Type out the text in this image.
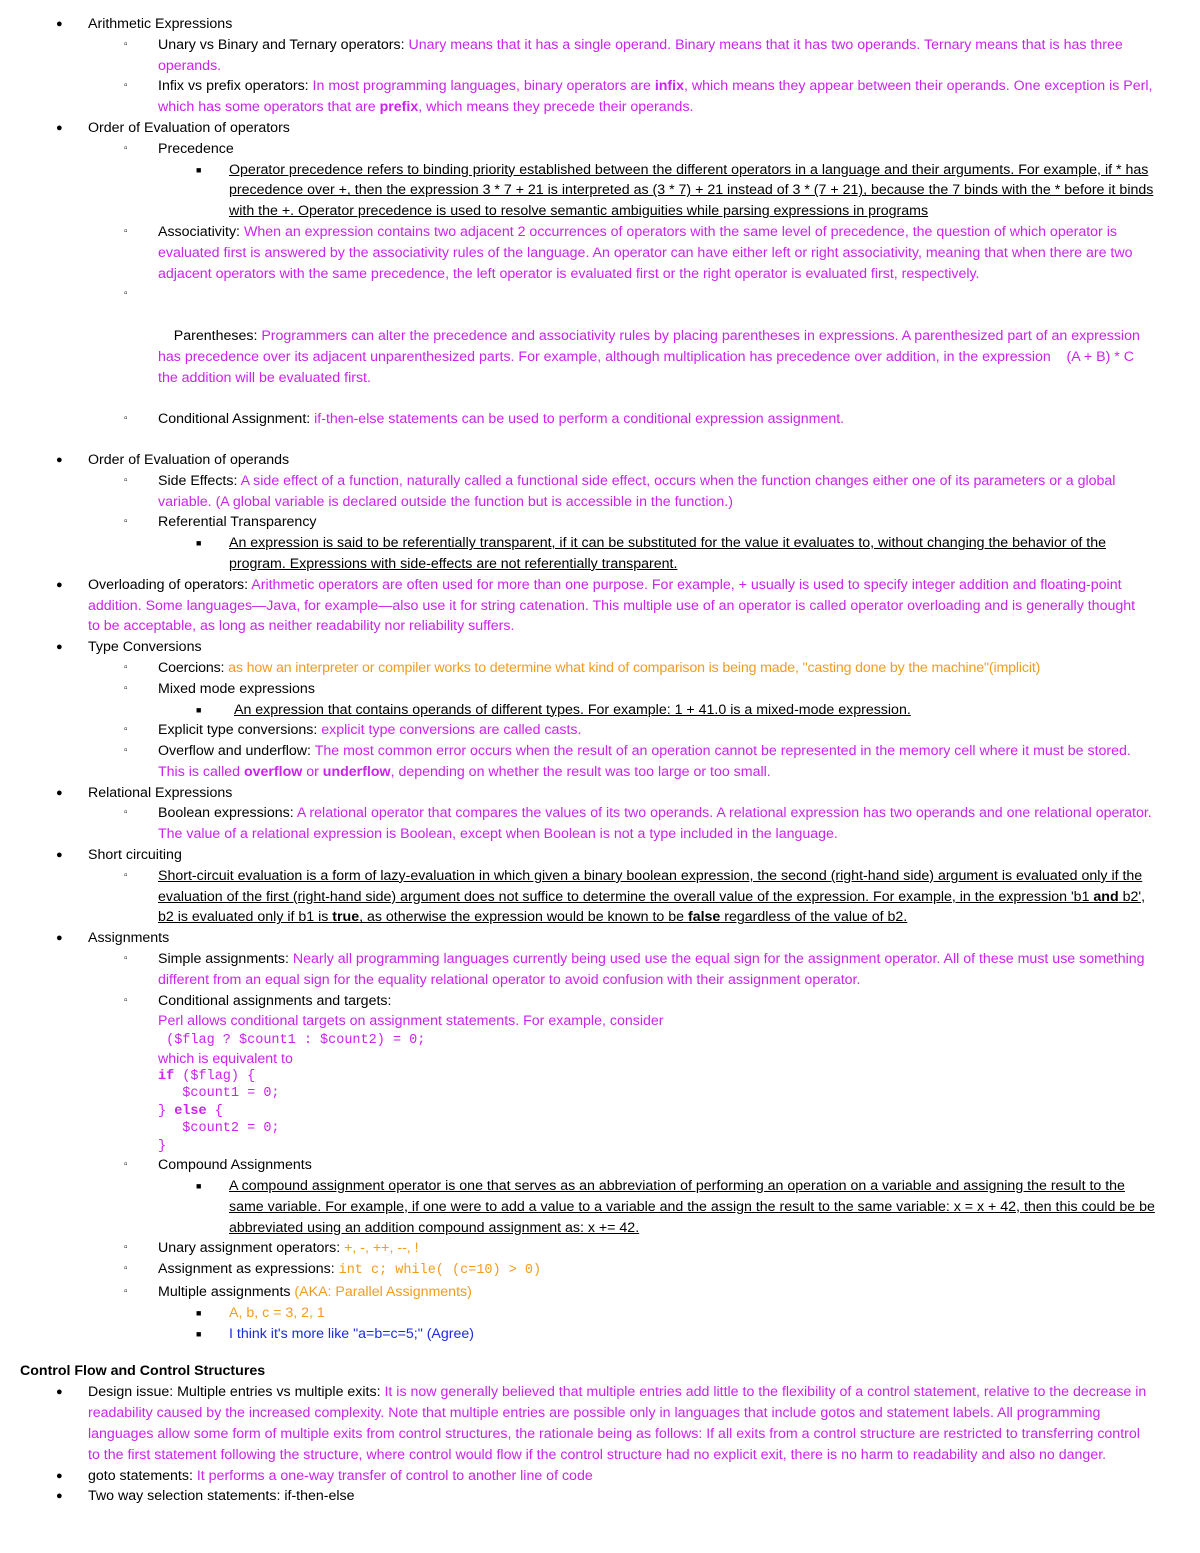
● Arithmetic Expressions
▫ Unary vs Binary and Ternary operators: Unary means that it has a single operand. Binary means that it has two operands. Ternary means that is has three operands.
▫ Infix vs prefix operators: In most programming languages, binary operators are infix, which means they appear between their operands. One exception is Perl, which has some operators that are prefix, which means they precede their operands.
● Order of Evaluation of operators
▫ Precedence
■ Operator precedence refers to binding priority established between the different operators in a language and their arguments. For example, if * has precedence over +, then the expression 3 * 7 + 21 is interpreted as (3 * 7) + 21 instead of 3 * (7 + 21), because the 7 binds with the * before it binds with the +. Operator precedence is used to resolve semantic ambiguities while parsing expressions in programs
▫ Associativity: When an expression contains two adjacent 2 occurrences of operators with the same level of precedence, the question of which operator is evaluated first is answered by the associativity rules of the language. An operator can have either left or right associativity, meaning that when there are two adjacent operators with the same precedence, the left operator is evaluated first or the right operator is evaluated first, respectively.

▫

Parentheses: Programmers can alter the precedence and associativity rules by placing parentheses in expressions. A parenthesized part of an expression has precedence over its adjacent unparenthesized parts. For example, although multiplication has precedence over addition, in the expression    (A + B) * C    the addition will be evaluated first.

▫ Conditional Assignment: if-then-else statements can be used to perform a conditional expression assignment.
● Order of Evaluation of operands
▫ Side Effects: A side effect of a function, naturally called a functional side effect, occurs when the function changes either one of its parameters or a global variable. (A global variable is declared outside the function but is accessible in the function.)
▫ Referential Transparency
■ An expression is said to be referentially transparent, if it can be substituted for the value it evaluates to, without changing the behavior of the program. Expressions with side-effects are not referentially transparent.
● Overloading of operators: Arithmetic operators are often used for more than one purpose. For example, + usually is used to specify integer addition and floating-point addition. Some languages—Java, for example—also use it for string catenation. This multiple use of an operator is called operator overloading and is generally thought to be acceptable, as long as neither readability nor reliability suffers.
● Type Conversions
▫ Coercions: as how an interpreter or compiler works to determine what kind of comparison is being made, "casting done by the machine"(implicit)
▫ Mixed mode expressions
■ An expression that contains operands of different types. For example: 1 + 41.0 is a mixed-mode expression.
▫ Explicit type conversions: explicit type conversions are called casts.
▫ Overflow and underflow: The most common error occurs when the result of an operation cannot be represented in the memory cell where it must be stored. This is called overflow or underflow, depending on whether the result was too large or too small.
● Relational Expressions
▫ Boolean expressions: A relational operator that compares the values of its two operands. A relational expression has two operands and one relational operator. The value of a relational expression is Boolean, except when Boolean is not a type included in the language.
● Short circuiting
▫ Short-circuit evaluation is a form of lazy-evaluation in which given a binary boolean expression, the second (right-hand side) argument is evaluated only if the evaluation of the first (right-hand side) argument does not suffice to determine the overall value of the expression. For example, in the expression 'b1 and b2', b2 is evaluated only if b1 is true, as otherwise the expression would be known to be false regardless of the value of b2.
● Assignments
▫ Simple assignments: Nearly all programming languages currently being used use the equal sign for the assignment operator. All of these must use something different from an equal sign for the equality relational operator to avoid confusion with their assignment operator.
▫ Conditional assignments and targets:
Perl allows conditional targets on assignment statements. For example, consider
($flag ? $count1 : $count2) = 0;
which is equivalent to
if ($flag) {
$count1 = 0;
} else {
$count2 = 0;
}
▫ Compound Assignments
■ A compound assignment operator is one that serves as an abbreviation of performing an operation on a variable and assigning the result to the same variable. For example, if one were to add a value to a variable and the assign the result to the same variable: x = x + 42, then this could be be abbreviated using an addition compound assignment as: x += 42.
▫ Unary assignment operators: +, -, ++, --, !
▫ Assignment as expressions: int c; while( (c=10) > 0)
▫ Multiple assignments (AKA: Parallel Assignments)
■ A, b, c = 3, 2, 1
■ I think it's more like "a=b=c=5;" (Agree)
Control Flow and Control Structures
● Design issue: Multiple entries vs multiple exits: It is now generally believed that multiple entries add little to the flexibility of a control statement, relative to the decrease in readability caused by the increased complexity. Note that multiple entries are possible only in languages that include gotos and statement labels. All programming languages allow some form of multiple exits from control structures, the rationale being as follows: If all exits from a control structure are restricted to transferring control to the first statement following the structure, where control would flow if the control structure had no explicit exit, there is no harm to readability and also no danger.
● goto statements: It performs a one-way transfer of control to another line of code
● Two way selection statements: if-then-else
